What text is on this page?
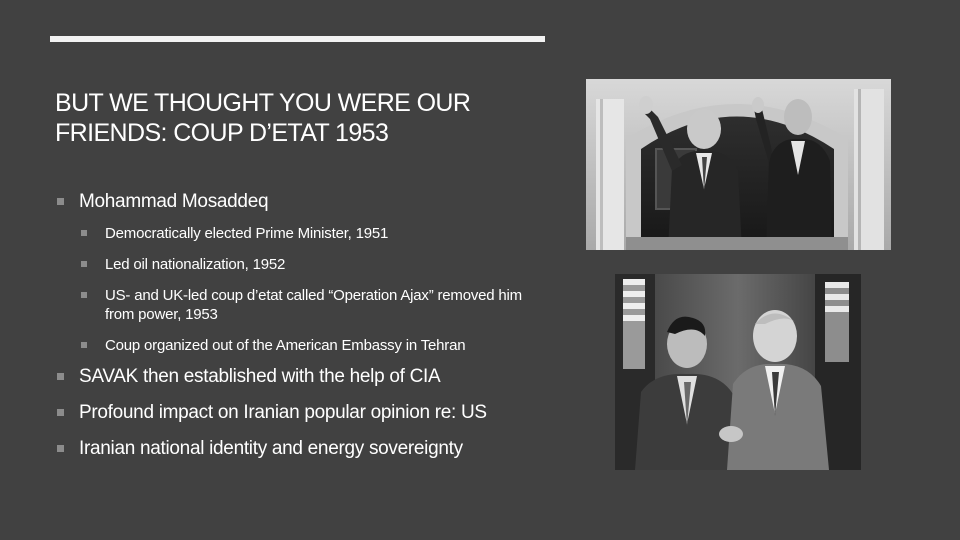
BUT WE THOUGHT YOU WERE OUR
FRIENDS: COUP D’ETAT 1953
Mohammad Mosaddeq
Democratically elected Prime Minister, 1951
Led oil nationalization, 1952
US- and UK-led coup d’etat called “Operation Ajax” removed him from power, 1953
Coup organized out of the American Embassy in Tehran
SAVAK then established with the help of CIA
Profound impact on Iranian popular opinion re: US
Iranian national identity and energy sovereignty
